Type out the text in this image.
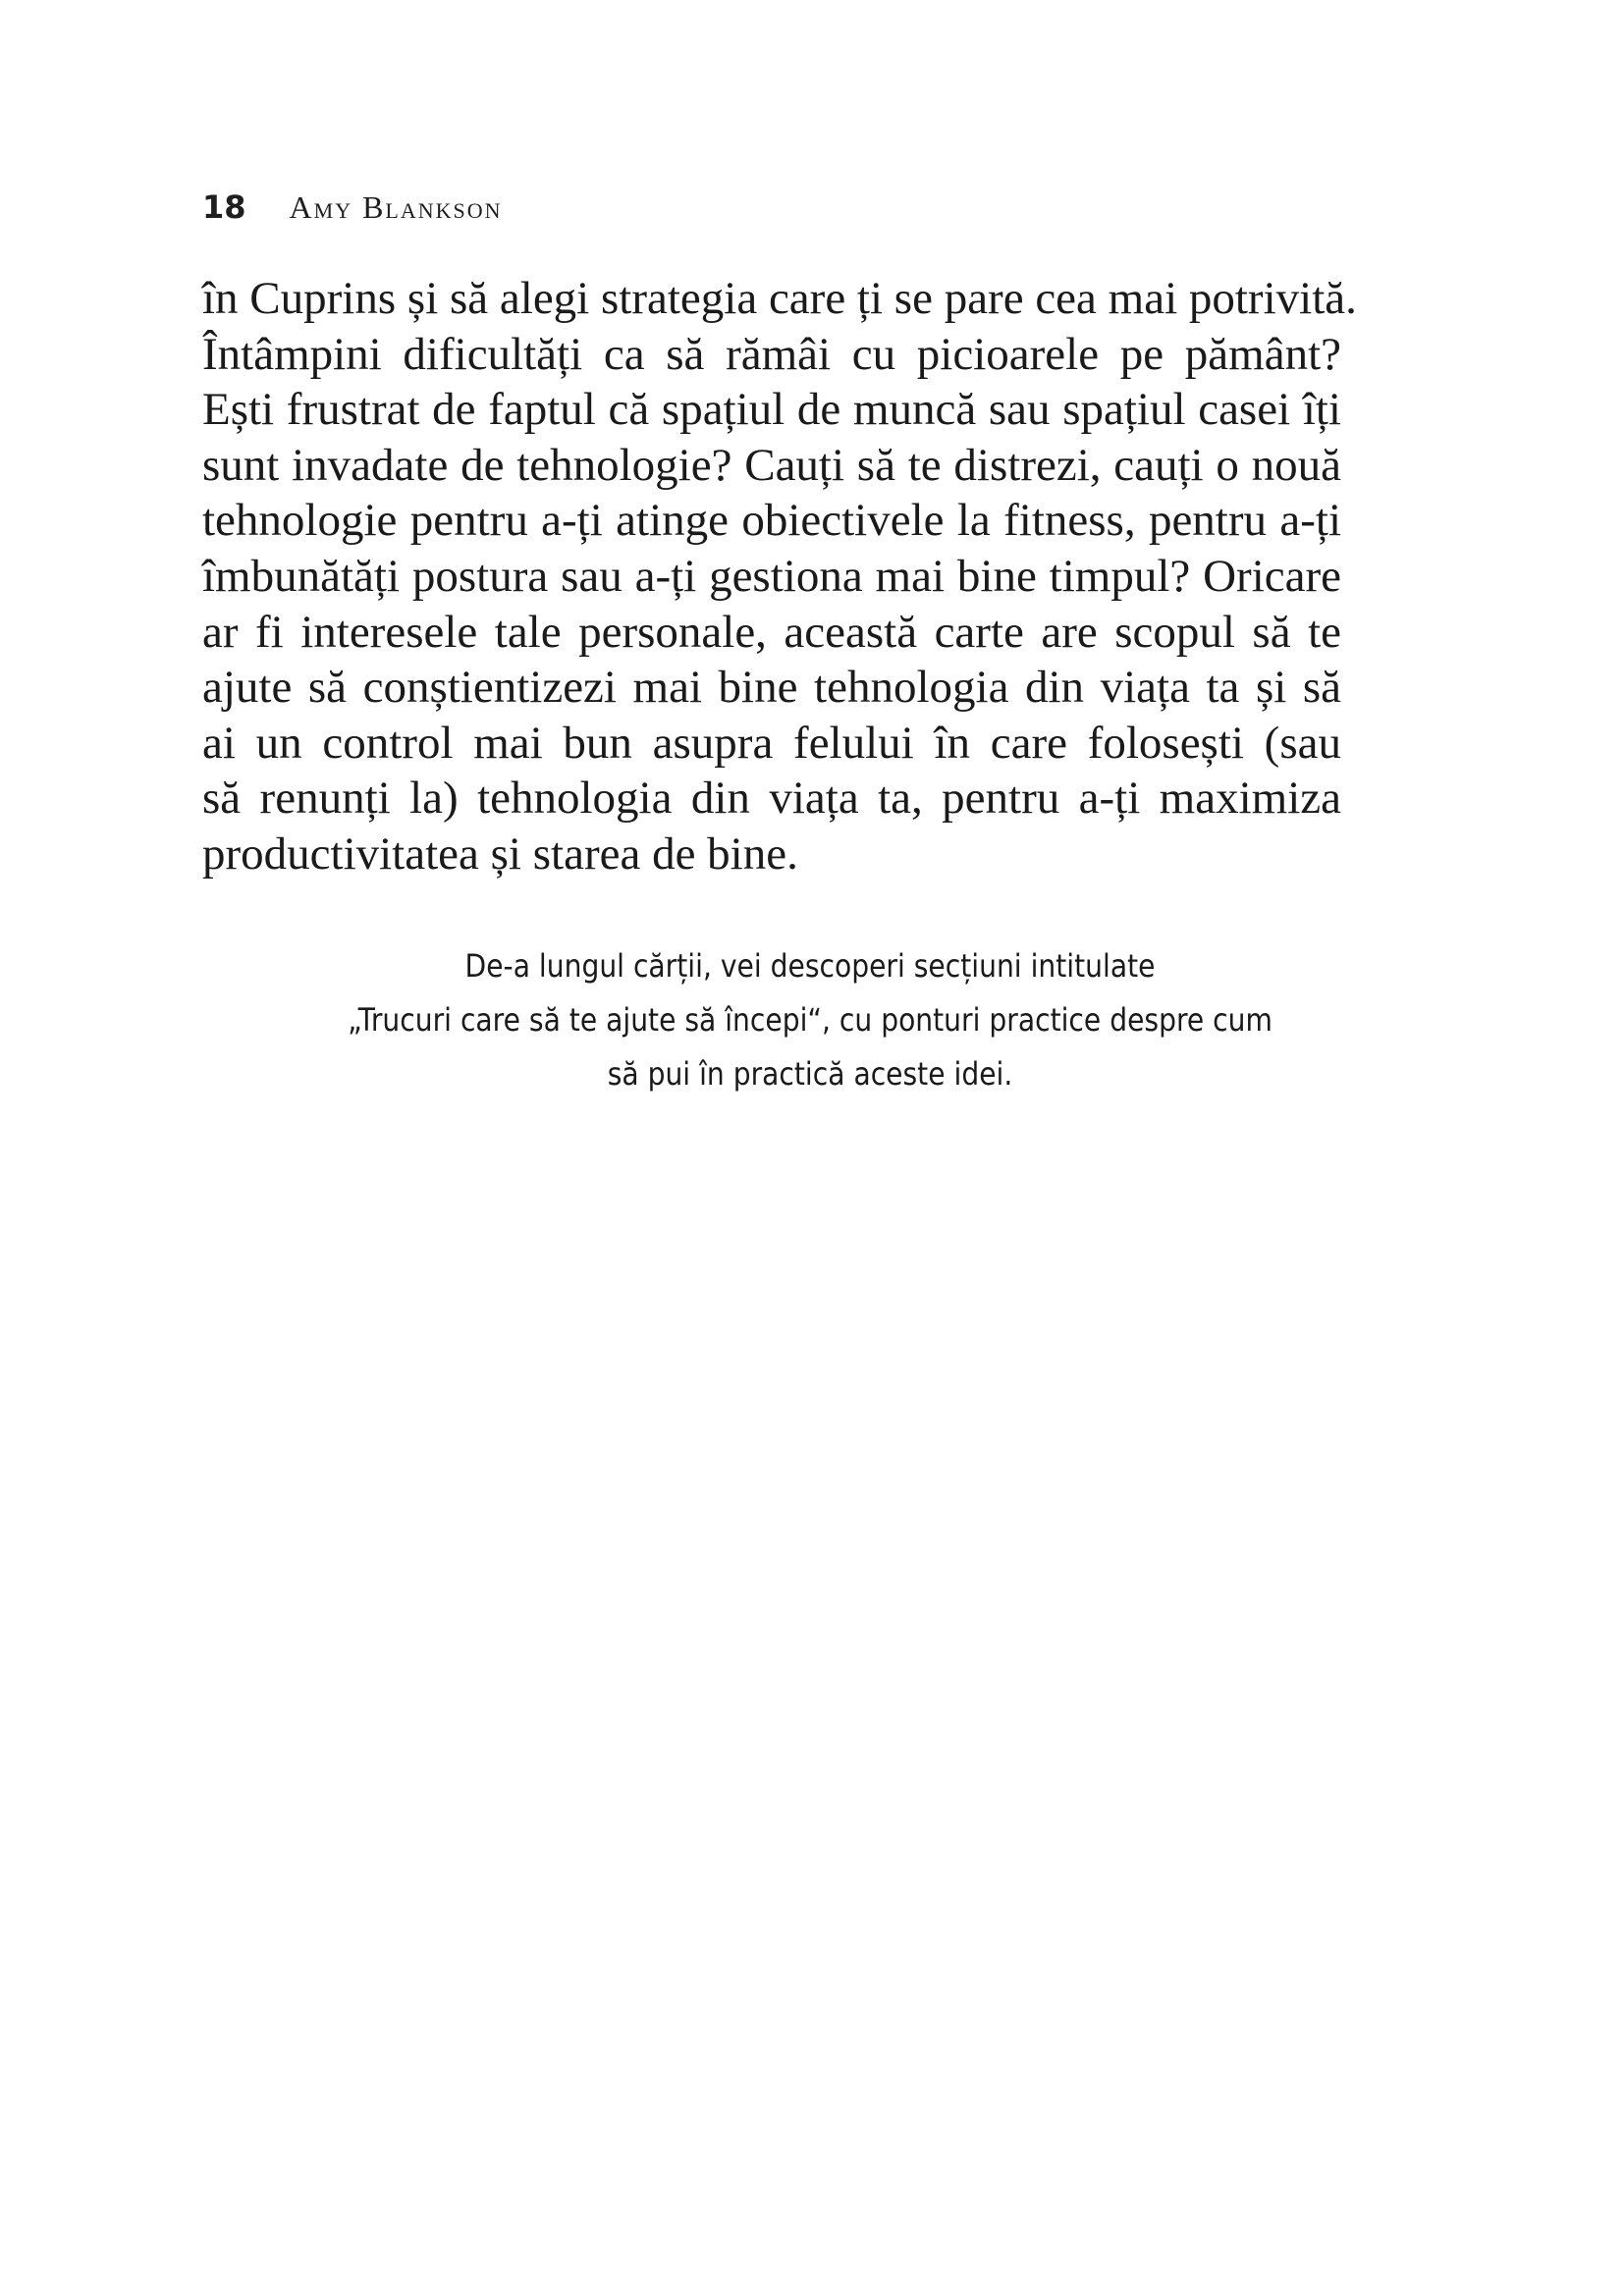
18 Amy Blankson
în Cuprins și să alegi strategia care ți se pare cea mai potrivită.
Întâmpini dificultăți ca să rămâi cu picioarele pe pământ?
Ești frustrat de faptul că spațiul de muncă sau spațiul casei îți
sunt invadate de tehnologie? Cauți să te distrezi, cauți o nouă
tehnologie pentru a-ți atinge obiectivele la fitness, pentru a-ți
îmbunătăți postura sau a-ți gestiona mai bine timpul? Oricare
ar fi interesele tale personale, această carte are scopul să te
ajute să conștientizezi mai bine tehnologia din viața ta și să
ai un control mai bun asupra felului în care folosești (sau
să renunți la) tehnologia din viața ta, pentru a-ți maximiza
productivitatea și starea de bine.
De-a lungul cărții, vei descoperi secțiuni intitulate
„Trucuri care să te ajute să începi“, cu ponturi practice despre cum
să pui în practică aceste idei.
